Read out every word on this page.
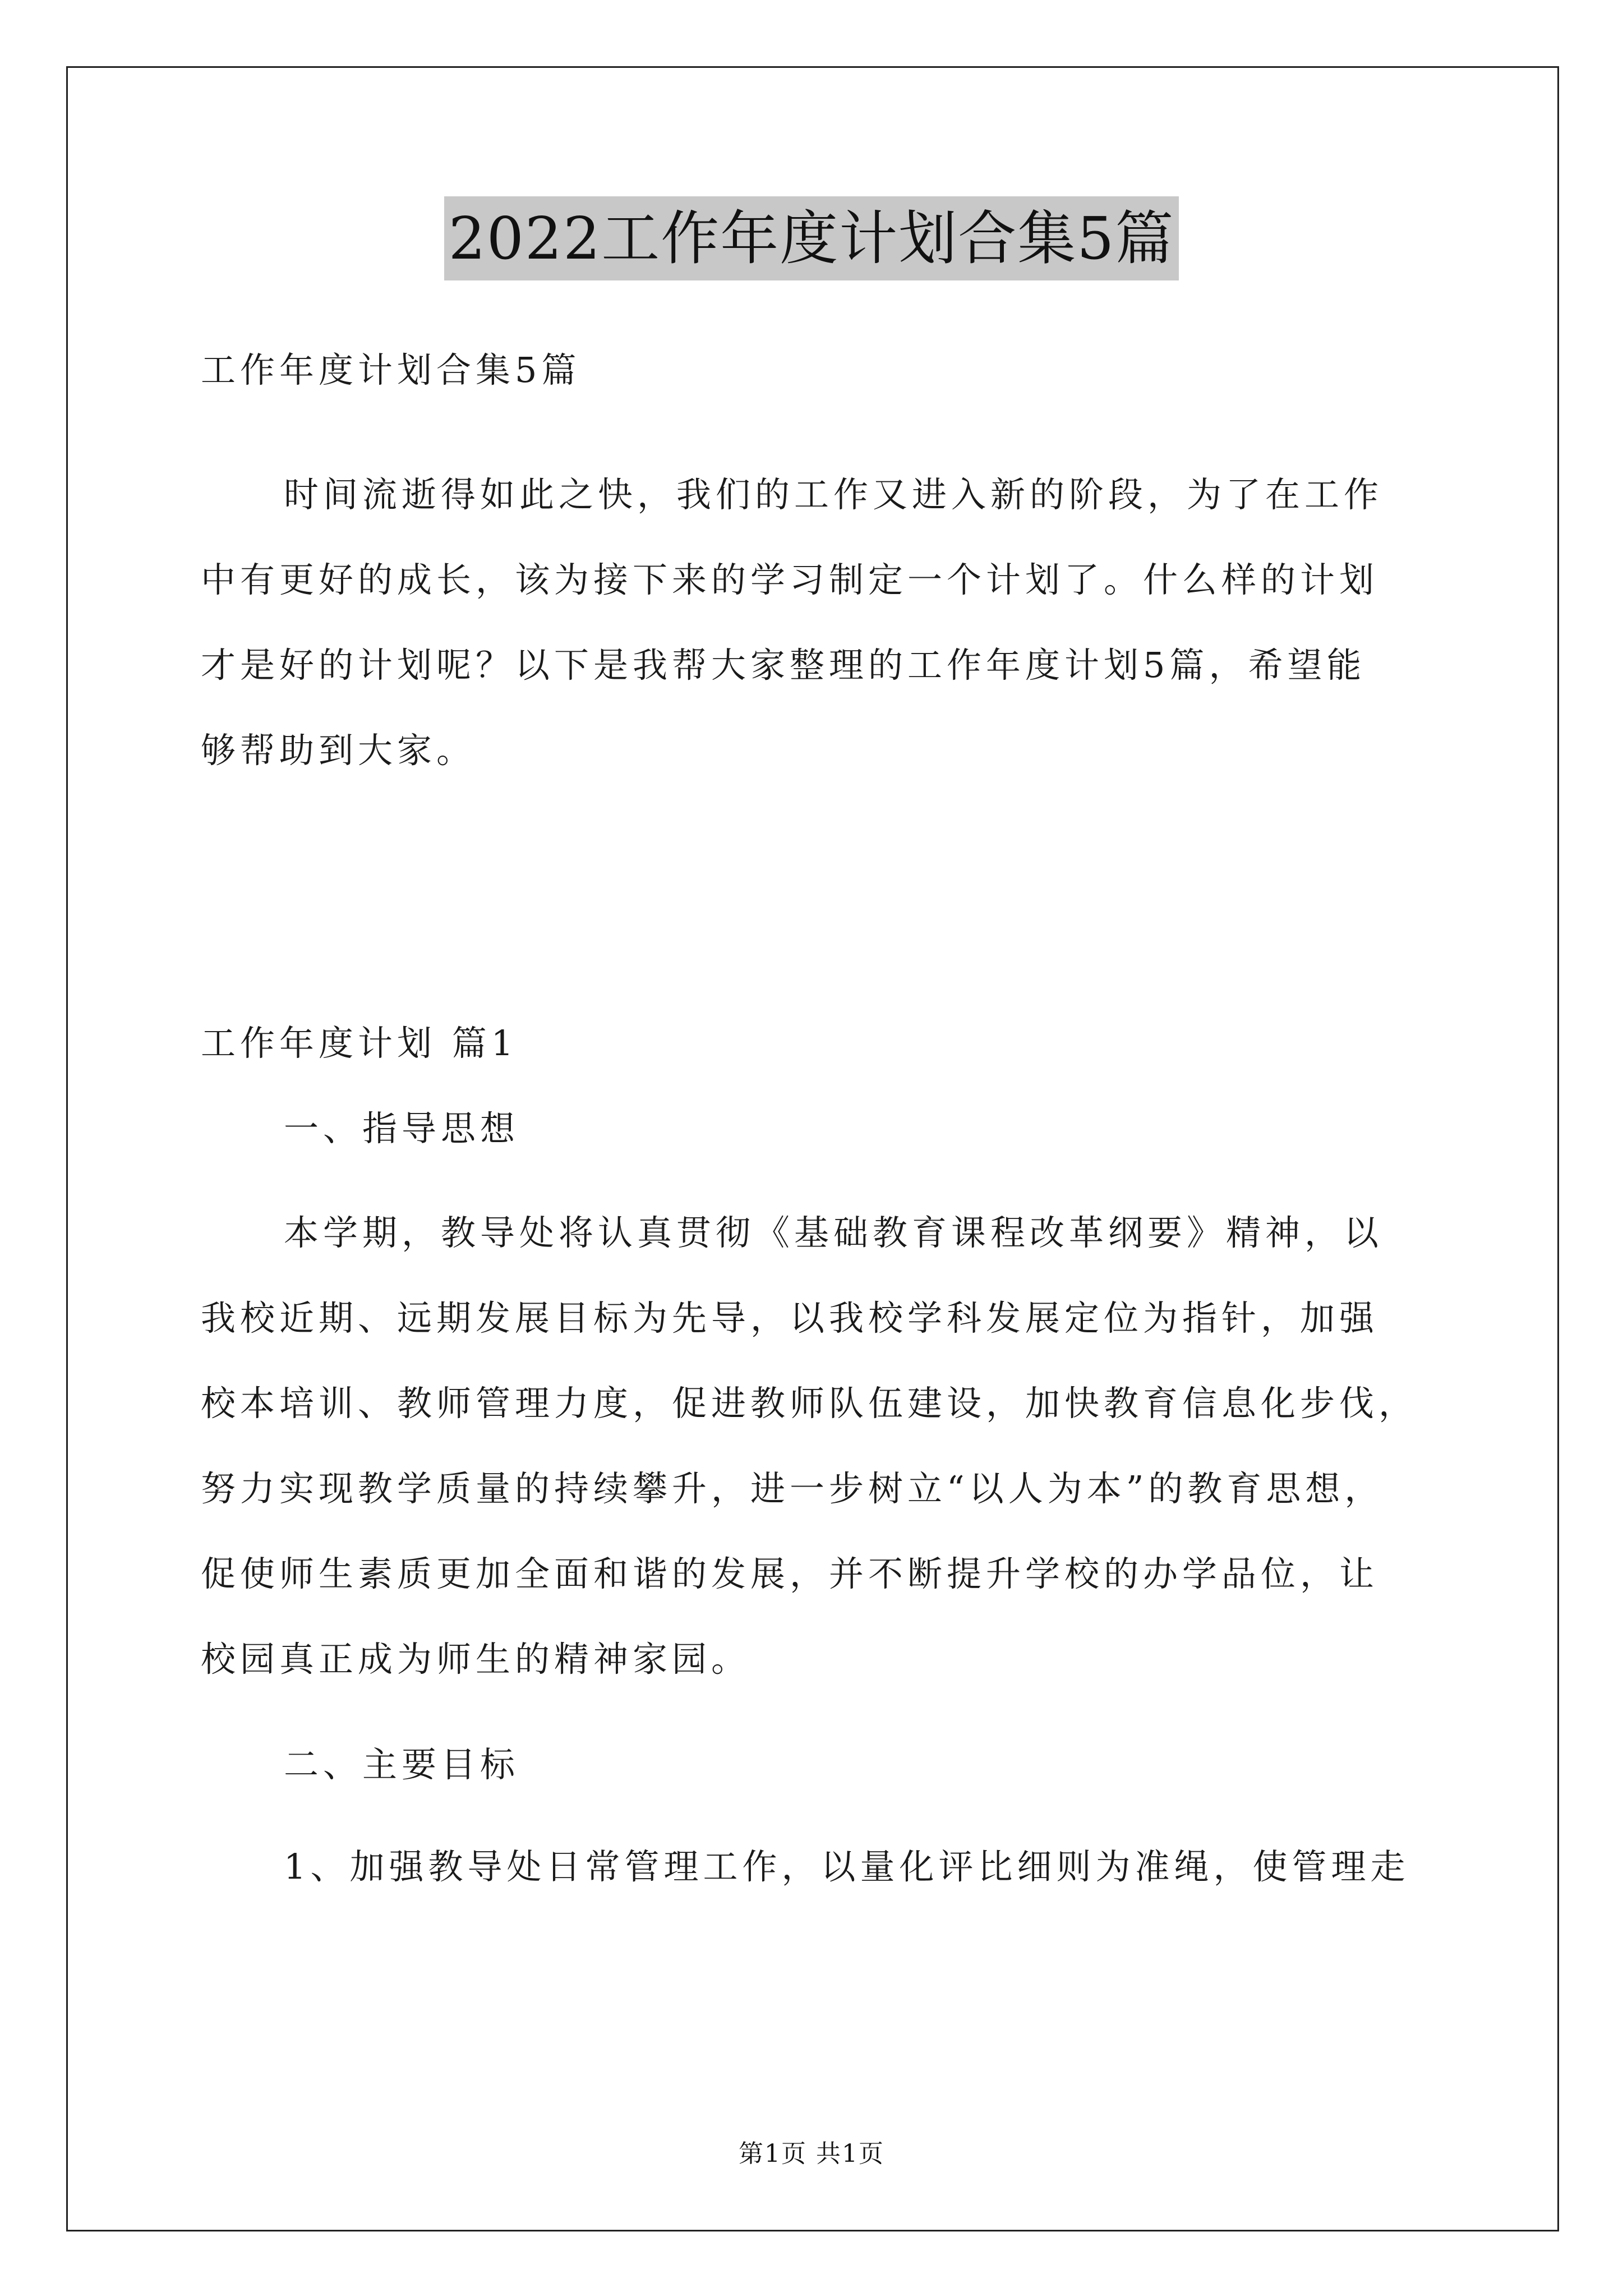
2022工作年度计划合集5篇

工作年度计划合集5篇

时间流逝得如此之快，我们的工作又进入新的阶段，为了在工作

中有更好的成长，该为接下来的学习制定一个计划了。什么样的计划

才是好的计划呢？以下是我帮大家整理的工作年度计划5篇，希望能

够帮助到大家。

工作年度计划 篇1

一、指导思想

本学期，教导处将认真贯彻《基础教育课程改革纲要》精神，以

我校近期、远期发展目标为先导，以我校学科发展定位为指针，加强

校本培训、教师管理力度，促进教师队伍建设，加快教育信息化步伐，

努力实现教学质量的持续攀升，进一步树立“以人为本”的教育思想，

促使师生素质更加全面和谐的发展，并不断提升学校的办学品位，让

校园真正成为师生的精神家园。

二、主要目标

1、加强教导处日常管理工作，以量化评比细则为准绳，使管理走

第1页 共1页
